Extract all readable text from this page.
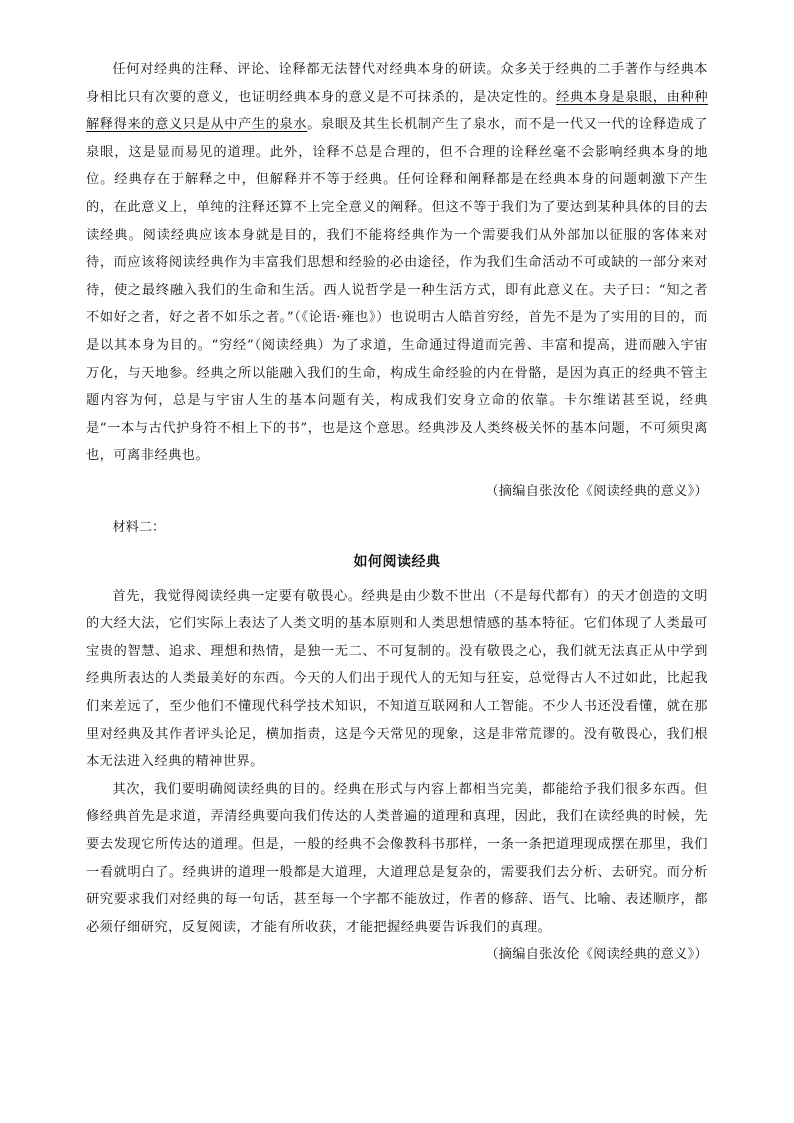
任何对经典的注释、评论、诠释都无法替代对经典本身的研读。众多关于经典的二手著作与经典本身相比只有次要的意义，也证明经典本身的意义是不可抹杀的，是决定性的。经典本身是泉眼，由种种解释得来的意义只是从中产生的泉水。泉眼及其生长机制产生了泉水，而不是一代又一代的诠释造成了泉眼，这是显而易见的道理。此外，诠释不总是合理的，但不合理的诠释丝毫不会影响经典本身的地位。经典存在于解释之中，但解释并不等于经典。任何诠释和阐释都是在经典本身的问题刺激下产生的，在此意义上，单纯的注释还算不上完全意义的阐释。但这不等于我们为了要达到某种具体的目的去读经典。阅读经典应该本身就是目的，我们不能将经典作为一个需要我们从外部加以征服的客体来对待，而应该将阅读经典作为丰富我们思想和经验的必由途径，作为我们生命活动不可或缺的一部分来对待，使之最终融入我们的生命和生活。西人说哲学是一种生活方式，即有此意义在。夫子曰：“知之者不如好之者，好之者不如乐之者。”（《论语·雍也》）也说明古人皓首穷经，首先不是为了实用的目的，而是以其本身为目的。“穷经”（阅读经典）为了求道，生命通过得道而完善、丰富和提高，进而融入宇宙万化，与天地参。经典之所以能融入我们的生命，构成生命经验的内在骨骼，是因为真正的经典不管主题内容为何，总是与宇宙人生的基本问题有关，构成我们安身立命的依靠。卡尔维诺甚至说，经典是“一本与古代护身符不相上下的书”，也是这个意思。经典涉及人类终极关怀的基本问题，不可须臾离也，可离非经典也。

（摘编自张汝伦《阅读经典的意义》）
材料二：
如何阅读经典

首先，我觉得阅读经典一定要有敬畏心。经典是由少数不世出（不是每代都有）的天才创造的文明的大经大法，它们实际上表达了人类文明的基本原则和人类思想情感的基本特征。它们体现了人类最可宝贵的智慧、追求、理想和热情，是独一无二、不可复制的。没有敬畏之心，我们就无法真正从中学到经典所表达的人类最美好的东西。今天的人们出于现代人的无知与狂妄，总觉得古人不过如此，比起我们来差远了，至少他们不懂现代科学技术知识，不知道互联网和人工智能。不少人书还没看懂，就在那里对经典及其作者评头论足，横加指责，这是今天常见的现象，这是非常荒谬的。没有敬畏心，我们根本无法进入经典的精神世界。

其次，我们要明确阅读经典的目的。经典在形式与内容上都相当完美，都能给予我们很多东西。但修经典首先是求道，弄清经典要向我们传达的人类普遍的道理和真理，因此，我们在读经典的时候，先要去发现它所传达的道理。但是，一般的经典不会像教科书那样，一条一条把道理现成摆在那里，我们一看就明白了。经典讲的道理一般都是大道理，大道理总是复杂的，需要我们去分析、去研究。而分析研究要求我们对经典的每一句话，甚至每一个字都不能放过，作者的修辞、语气、比喻、表述顺序，都必须仔细研究，反复阅读，才能有所收获，才能把握经典要告诉我们的真理。

（摘编自张汝伦《阅读经典的意义》）
